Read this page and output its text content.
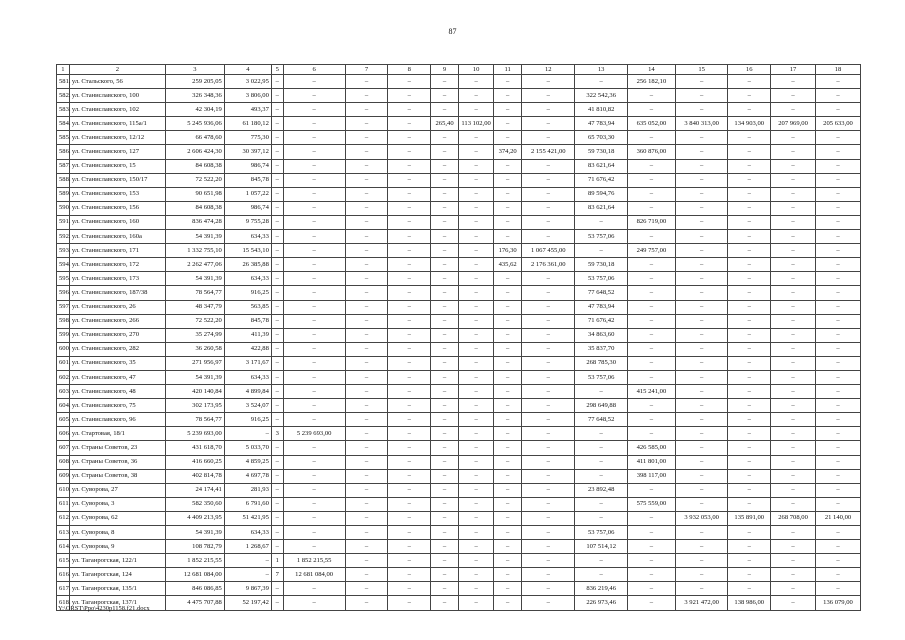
87
1	2	3	4	5	6	7	8	9	10	11	12	13	14	15	16	17	18
581.	ул. Стальского, 56	259 205,05	3 022,95	–	–	–	–	–	–	–	–	–	256 182,10	–	–	–	–
582.	ул. Станиславского, 100	326 348,36	3 806,00	–	–	–	–	–	–	–	–	322 542,36	–	–	–	–	–
583.	ул. Станиславского, 102	42 304,19	493,37	–	–	–	–	–	–	–	–	41 810,82	–	–	–	–	–
584.	ул. Станиславского, 115а/1	5 245 936,06	61 180,12	–	–	–	–	265,40	113 102,00	–	–	47 783,94	635 052,00	3 840 313,00	134 903,00	207 969,00	205 633,00
585.	ул. Станиславского, 12/12	66 478,60	775,30	–	–	–	–	–	–	–	–	65 703,30	–	–	–	–	–
586.	ул. Станиславского, 127	2 606 424,30	30 397,12	–	–	–	–	–	–	374,20	2 155 421,00	59 730,18	360 876,00	–	–	–	–
587.	ул. Станиславского, 15	84 608,38	986,74	–	–	–	–	–	–	–	–	83 621,64	–	–	–	–	–
588.	ул. Станиславского, 150/17	72 522,20	845,78	–	–	–	–	–	–	–	–	71 676,42	–	–	–	–	–
589.	ул. Станиславского, 153	90 651,98	1 057,22	–	–	–	–	–	–	–	–	89 594,76	–	–	–	–	–
590.	ул. Станиславского, 156	84 608,38	986,74	–	–	–	–	–	–	–	–	83 621,64	–	–	–	–	–
591.	ул. Станиславского, 160	836 474,28	9 755,28	–	–	–	–	–	–	–	–	–	826 719,00	–	–	–	–
592.	ул. Станиславского, 160а	54 391,39	634,33	–	–	–	–	–	–	–	–	53 757,06	–	–	–	–	–
593.	ул. Станиславского, 171	1 332 755,10	15 543,10	–	–	–	–	–	–	176,30	1 067 455,00	–	249 757,00	–	–	–	–
594.	ул. Станиславского, 172	2 262 477,06	26 385,88	–	–	–	–	–	–	435,62	2 176 361,00	59 730,18	–	–	–	–	–
595.	ул. Станиславского, 173	54 391,39	634,33	–	–	–	–	–	–	–	–	53 757,06	–	–	–	–	–
596.	ул. Станиславского, 187/38	78 564,77	916,25	–	–	–	–	–	–	–	–	77 648,52	–	–	–	–	–
597.	ул. Станиславского, 26	48 347,79	563,85	–	–	–	–	–	–	–	–	47 783,94	–	–	–	–	–
598.	ул. Станиславского, 266	72 522,20	845,78	–	–	–	–	–	–	–	–	71 676,42	–	–	–	–	–
599.	ул. Станиславского, 270	35 274,99	411,39	–	–	–	–	–	–	–	–	34 863,60	–	–	–	–	–
600.	ул. Станиславского, 282	36 260,58	422,88	–	–	–	–	–	–	–	–	35 837,70	–	–	–	–	–
601.	ул. Станиславского, 35	271 956,97	3 171,67	–	–	–	–	–	–	–	–	268 785,30	–	–	–	–	–
602.	ул. Станиславского, 47	54 391,39	634,33	–	–	–	–	–	–	–	–	53 757,06	–	–	–	–	–
603.	ул. Станиславского, 48	420 140,84	4 899,84	–	–	–	–	–	–	–	–	–	415 241,00	–	–	–	–
604.	ул. Станиславского, 75	302 173,95	3 524,07	–	–	–	–	–	–	–	–	298 649,88	–	–	–	–	–
605.	ул. Станиславского, 96	78 564,77	916,25	–	–	–	–	–	–	–	–	77 648,52	–	–	–	–	–
606.	ул. Стартовая, 18/1	5 239 693,00	–	3	5 239 693,00	–	–	–	–	–	–	–	–	–	–	–	–
607.	ул. Страны Советов, 23	431 618,70	5 033,70	–	–	–	–	–	–	–	–	–	426 585,00	–	–	–	–
608.	ул. Страны Советов, 36	416 660,25	4 859,25	–	–	–	–	–	–	–	–	–	411 801,00	–	–	–	–
609.	ул. Страны Советов, 38	402 814,78	4 697,78	–	–	–	–	–	–	–	–	–	398 117,00	–	–	–	–
610.	ул. Суворова, 27	24 174,41	281,93	–	–	–	–	–	–	–	–	23 892,48	–	–	–	–	–
611.	ул. Суворова, 3	582 350,60	6 791,60	–	–	–	–	–	–	–	–	–	575 559,00	–	–	–	–
612.	ул. Суворова, 62	4 409 213,95	51 421,95	–	–	–	–	–	–	–	–	–	–	3 932 053,00	135 891,00	268 708,00	21 140,00
613.	ул. Суворова, 8	54 391,39	634,33	–	–	–	–	–	–	–	–	53 757,06	–	–	–	–	–
614.	ул. Суворова, 9	108 782,79	1 268,67	–	–	–	–	–	–	–	–	107 514,12	–	–	–	–	–
615.	ул. Таганрогская, 122/1	1 852 215,55	–	1	1 852 215,55	–	–	–	–	–	–	–	–	–	–	–	–
616.	ул. Таганрогская, 124	12 681 084,00	–	7	12 681 084,00	–	–	–	–	–	–	–	–	–	–	–	–
617.	ул. Таганрогская, 135/1	846 086,85	9 867,39	–	–	–	–	–	–	–	–	836 219,46	–	–	–	–	–
618.	ул. Таганрогская, 137/1	4 475 707,88	52 197,42	–	–	–	–	–	–	–	–	226 973,46	–	3 921 472,00	138 986,00	–	136 079,00
Y:\ORST\Ppo\4230p1158.f21.docx
